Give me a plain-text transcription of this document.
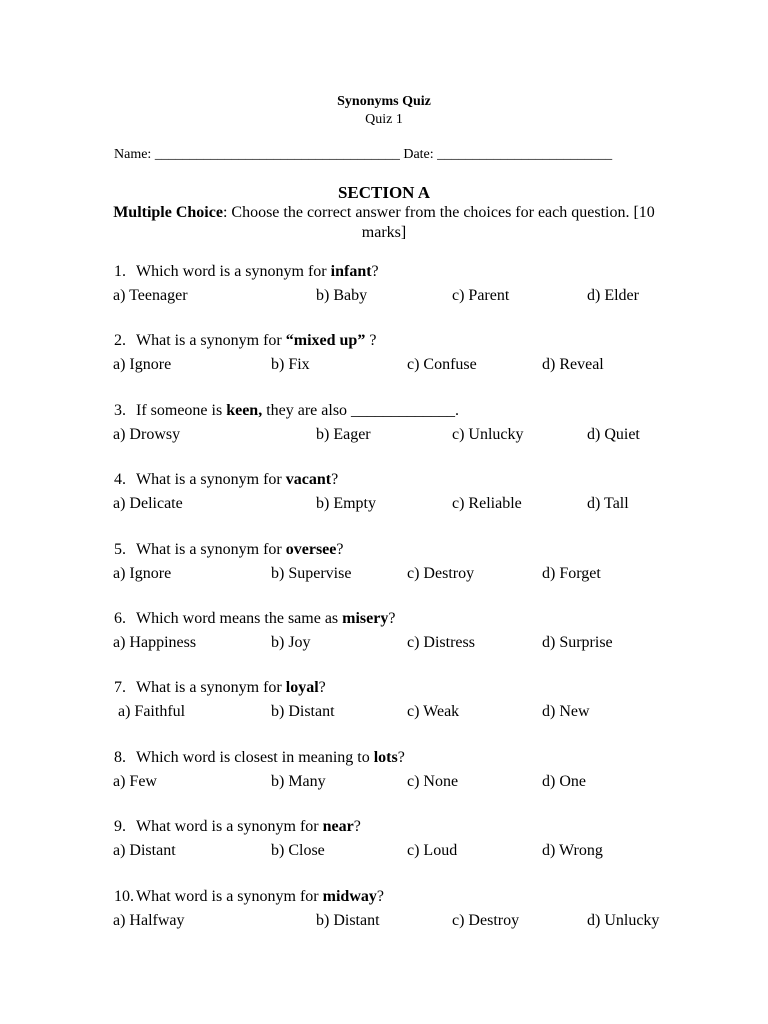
Synonyms Quiz
Quiz 1
Name: ___________________________________ Date: _________________________
SECTION A
Multiple Choice: Choose the correct answer from the choices for each question. [10 marks]
1. Which word is a synonym for infant?
a) Teenager	b) Baby	c) Parent	d) Elder
2. What is a synonym for “mixed up” ?
a) Ignore	b) Fix	c) Confuse	d) Reveal
3. If someone is keen, they are also _____________.
a) Drowsy	b) Eager	c) Unlucky	d) Quiet
4. What is a synonym for vacant?
a) Delicate	b) Empty	c) Reliable	d) Tall
5. What is a synonym for oversee?
a) Ignore	b) Supervise	c) Destroy	d) Forget
6. Which word means the same as misery?
a) Happiness	b) Joy	c) Distress	d) Surprise
7. What is a synonym for loyal?
a) Faithful	b) Distant	c) Weak	d) New
8. Which word is closest in meaning to lots?
a) Few	b) Many	c) None	d) One
9. What word is a synonym for near?
a) Distant	b) Close	c) Loud	d) Wrong
10. What word is a synonym for midway?
a) Halfway	b) Distant	c) Destroy	d) Unlucky
